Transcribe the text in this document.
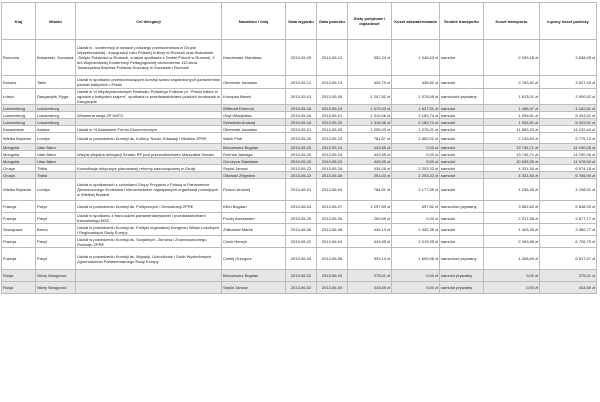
Kraj	Miasto	Cel delegacji	Nazwisko i imię	Data wyjazdu	Data powrotu	Diety pobytowe i dojazdowe	Koszt zakwaterowania	Środek transportu	Koszt transportu	Łączny koszt podróży
Rumunia	Bukareszt, Suczawa	Udział w : konferencji w ramach polskiego przewodnictwa w Grupie Wyszehradzkiej - inauguracji roku Polskiej Kultury w Rumunii oraz Bukowinie -Święto Polskości w Rumunii, a także spotkania z Dniem Polonii w Rumunii, 2 dni Wojewódzkiej Konferencji Pedagogicznej obchodzenie 110-lecia Towarzystwa Bractwa Polaków Suczawy w Suczawie i Rumunii	Karczewski Stanisław	2013-05-09	2013-05-12	552,24 zł	1 046,63 zł	samolot	2 039,18 zł	3 638,05 zł
Estonia	Tallin	Udział w spotkaniu przewodniczących komisji spraw zagranicznych parlamentów państw bałtyckich i Polski	Obremski Jarosław	2013-05-12	2013-05-13	404,79 zł	438,82 zł	samolot	2 783,82 zł	3 627,43 zł
Łotwa	Daugavpils, Ryga	Udział w VI Międzynarodowym Festiwalu Polskiego Folkloru pt. "Polski folklor w zgodzie z bałtyckim krajem", spotkaniu z przedstawicielami polskich środowisk w Daugavpils	Konopka Marek	2013-05-01	2013-05-05	1 207,82 zł	1 078,65 zł	samochód prywatny	1 613,01 zł	3 900,52 zł
Luksemburg	Luksemburg		Witbrodt Edmund	2013-05-16	2013-05-19	1 070,03 zł	1 637,51 zł	samolot	1 466,07 zł	4 162,81 zł
Luksemburg	Luksemburg	Wiosenna sesja ZP NATO	Ortyl Władysław	2013-05-16	2013-05-21	1 310,06 zł	2 183,74 zł	samolot	1 939,81 zł	5 433,51 zł
Luksemburg	Luksemburg		Szewiński Andrzej	2013-05-16	2013-05-20	1 316,96 zł	2 183,74 zł	samolot	1 932,81 zł	5 433,51 zł
Kazachstan	Astana	Udział w VI Astańskim Forum Ekonomicznym	Obremski Jarosław	2013-05-21	2013-05-25	1 205,00 zł	1 276,01 zł	samolot	11 650,33 zł	14 132,44 zł
Wielka Brytania	Londyn	Udział w posiedzeniu Komisji ds. Kultury, Nauki, Edukacji i Mediów ZPRE	Wach Piotr	2013-05-20	2013-05-23	781,67 zł	2 852,02 zł	samolot	2 140,84 zł	5 775,13 zł
Mongolia	Ułan Bator		Borusewicz Bogdan	2013-05-20	2013-05-24	443,55 zł	0,00 zł	samolot	13 746,71 zł	14 190,26 zł
Mongolia	Ułan Bator	Wizyta oficjalna delegacji Senatu RP pod przewodnictwem Marszałka Senatu	Rohnka Jadwiga	2013-05-20	2013-05-24	443,55 zł	0,00 zł	samolot	13 746,71 zł	14 190,26 zł
Mongolia	Ułan Bator		Gorczyca Stanisław	2013-05-20	2013-05-24	443,55 zł	0,00 zł	samolot	10 635,39 zł	11 078,94 zł
Gruzja	Tbilisi	Konsultacje dotyczące planowanej reformy samorządowej w Gruzji	Sepioł Janusz	2013-05-22	2013-05-26	439,26 zł	2 203,32 zł	samolot	4 331,50 zł	6 974,18 zł
Gruzja	Tbilisi		Giłowski Zbigniew	2013-05-22	2013-05-26	251,02 zł	2 203,32 zł	samolot	4 331,50 zł	6 785,94 zł
Wielka Brytania	Londyn	Udział w spotkaniach z członkami Grupy Przyjaźni z Polską w Parlamencie Zjednoczonego Królestwa i kierownictwem największych organizacji polonijnych w Wielkiej Brytanii	Person Andrzej	2013-06-01	2013-06-04	784,51 zł	2 177,55 zł	samolot	1 236,45 zł	4 198,51 zł
Francja	Paryż	Udział w posiedzeniu Komisji ds. Politycznych i Demokracji ZPRE	Klich Bogdan	2013-06-04	2013-06-07	1 297,89 zł	697,82 zł	samochód prywatny	3 852,62 zł	5 848,33 zł
Francja	Paryż	Udział w spotkaniu z francuskimi parlamentarzystami i przedstawicielami francuskiego MSZ	Pociej Aleksander	2013-05-29	2013-05-30	259,59 zł	0,00 zł	samolot	2 417,58 zł	2 677,17 zł
Szwajcaria	Berno	Udział w posiedzeniu Komisji ds. Polityki regionalnej Kongresu Władz Lokalnych i Regionalnych Rady Europy	Żółkowski Marek	2013-06-06	2013-06-08	434,13 zł	1 442,38 zł	samolot	1 403,26 zł	3 380,77 zł
Francja	Paryż	Udział w posiedzeniu Komisji ds. Socjalnych, Zdrowia i Zrównoważonego Rozwoju ZPRE	Cioch Henryk	2013-06-02	2013-06-04	443,55 zł	2 019,35 zł	samolot	2 263,86 zł	6 726,75 zł
Francja	Paryż	Udział w posiedzeniu Komisji ds. Migracji, Uchodźców i Osób Wysiedlonych Zgromadzenia Parlamentarnego Rady Europy	Czelej Grzegorz	2013-06-03	2013-06-06	929,14 zł	1 609,58 zł	samochód prywatny	4 308,69 zł	6 817,47 zł
Rosja	Niżny Nowgorod		Borusewicz Bogdan	2013-06-02	2013-06-04	275,01 zł	0,00 zł	samolot prywatny	0,00 zł	275,01 zł
Rosja	Niżny Nowgorod		Sepioł Janusz	2013-06-02	2013-06-03	443,55 zł	0,00 zł	samolot prywatny	0,00 zł	443,55 zł
